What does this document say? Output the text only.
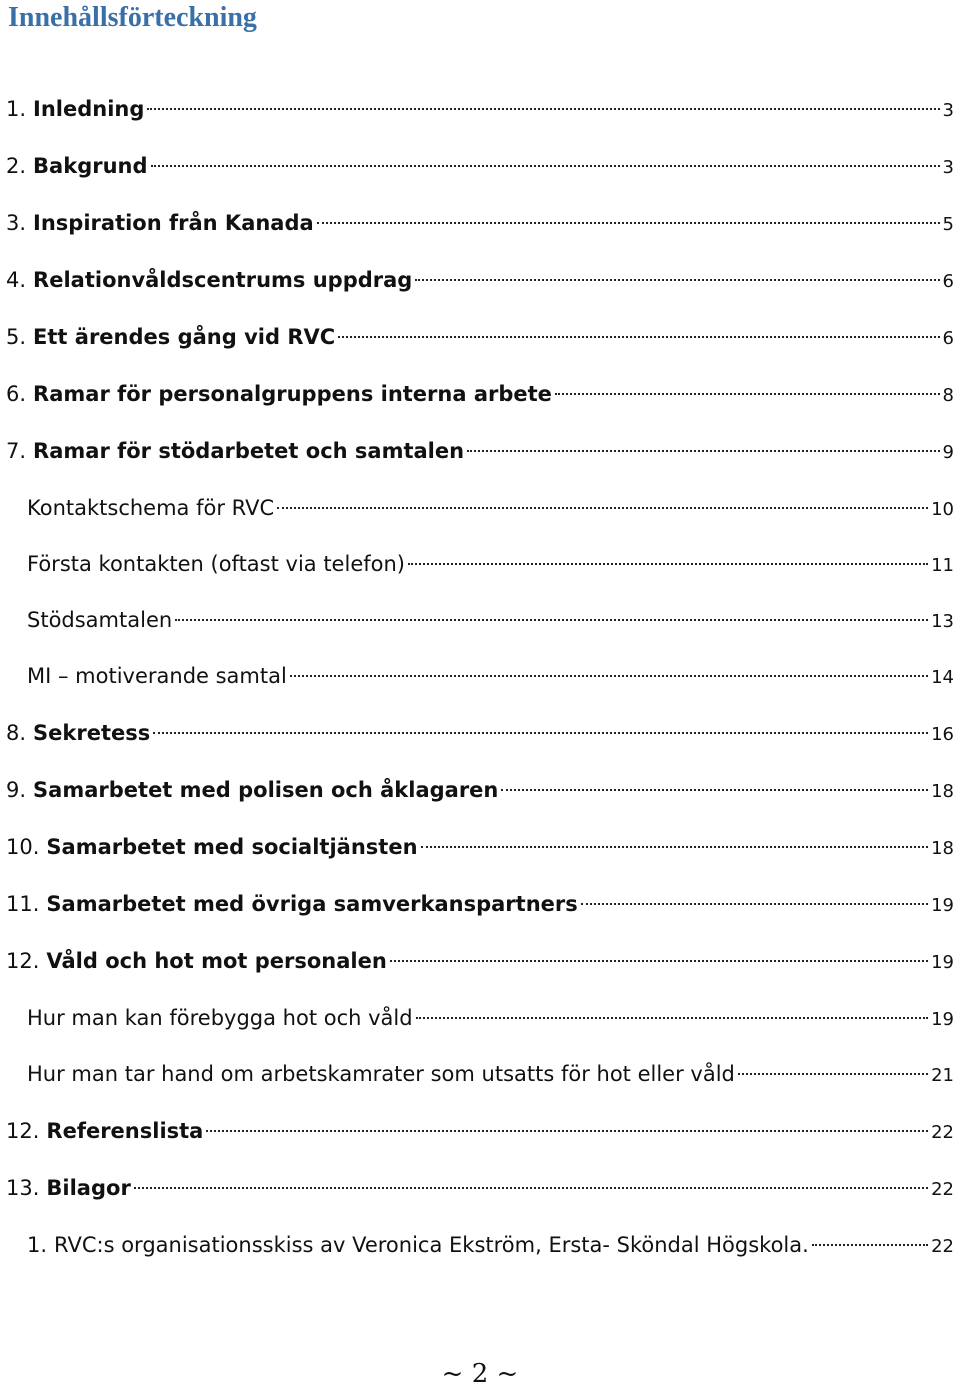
Innehållsförteckning
1. Inledning	3
2. Bakgrund	3
3. Inspiration från Kanada	5
4. Relationvåldscentrums uppdrag	6
5. Ett ärendes gång vid RVC	6
6. Ramar för personalgruppens interna arbete	8
7. Ramar för stödarbetet och samtalen	9
Kontaktschema för RVC	10
Första kontakten (oftast via telefon)	11
Stödsamtalen	13
MI – motiverande samtal	14
8. Sekretess	16
9. Samarbetet med polisen och åklagaren	18
10. Samarbetet med socialtjänsten	18
11. Samarbetet med övriga samverkanspartners	19
12. Våld och hot mot personalen	19
Hur man kan förebygga hot och våld	19
Hur man tar hand om arbetskamrater som utsatts för hot eller våld	21
12. Referenslista	22
13. Bilagor	22
1. RVC:s organisationsskiss av Veronica Ekström, Ersta- Sköndal Högskola.	22
~ 2 ~
